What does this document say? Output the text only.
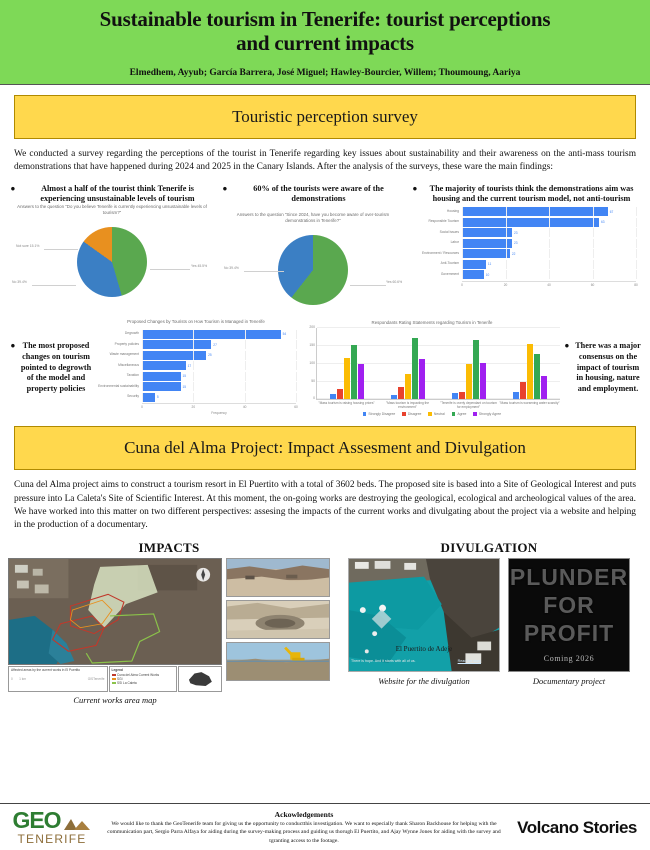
Sustainable tourism in Tenerife: tourist perceptions
and current impacts
Elmedhem, Ayyub; García Barrera, José Miguel; Hawley-Bourcier, Willem; Thoumoung, Aariya
Touristic perception survey
We conducted a survey regarding the perceptions of the tourist in Tenerife regarding key issues about sustainability and their awareness on the anti-mass tourism demonstrations that have happened during 2024 and 2025 in the Canary Islands. After the analysis of the surveys, these ware the main findings:
●	Almost a half of the tourist think Tenerife is experiencing unsustainable levels of tourism
Answers to the question "Do you believe Tenerife is currently experiencing unsustainable levels of tourism?"
Not sure 15.1%
No 39.4%
Yes 45.5%
●	60% of the tourists were aware of the demonstrations
Answers to the question "Since 2024, have you become aware of over-tourism demonstrations in Tenerife?"
No 39.4%
Yes 60.6%
●	The majority of tourists think the demonstrations aim was housing and the current tourism model, not anti-tourism
Housing	67
Responsible Tourism	63
Social Issues	23
Labor	23
Environment / Resources	22
Anti-Tourism	11
Government	10
0	20	40	60	80
● The most proposed changes on tourism pointed to degrowth of the model and property policies
Proposed Changes by Tourists on How Tourism is Managed in Tenerife
Degrowth	54
Property policies	27
Waste management	25
Miscellaneous	17
Taxation	15
Environmental sustainability	15
Security	5
0	20	40	60
Frequency
Respondants Rating Statements regarding Tourism in Tenerife
0
50
100
150
200
"Mass tourism is raising housing prices"	"Mass tourism is impacting the environment"
"Tenerife is overly dependant on tourism for employment"
"Mass tourism is worsening water scarcity"
Strongly Disagree	Disagree	Neutral	Agree	Strongly Agree
● There was a major consensus on the impact of tourism in housing, nature and employment.
Cuna del Alma Project: Impact Assesment and Divulgation
Cuna del Alma project aims to construct a tourism resort in El Puertito with a total of 3602 beds. The proposed site is based into a Site of Geological Interest and puts pressure into La Caleta's Site of Scientific Interest. At this moment, the on-going works are destroying the geological, ecological and archeological values of the area. We have worked into this matter on two different perspectives: assesing the impacts of the current works and divulgating about the project via a website and helping in the production of a documentary.
IMPACTS
Affected areas by the current works in El Puertito
0  1 km	GISTenerife
Legend
Cuna del Alma Current Works
SGI
SSI La Caleta
Current works area map
DIVULGATION
El Puertito de Adeje
There is hope. And it starts with all of us.	Read the story
PLUNDER
FOR
PROFIT
Coming 2026
Website for the divulgation	Documentary project
GEO
TENERIFE
Ackowledgements
We would like to thank the GeoTenerife team for giving us the opportunity to conductthis investigation. We want to especially thank Sharon Backhouse for helping with the communication part, Sergio Parra Alfaya for aiding during the survey-making process and guiding us thorugh El Puertito, and Ajay Wynne Jones for aiding with the survey and tgranting access to the footage.
Volcano Stories
